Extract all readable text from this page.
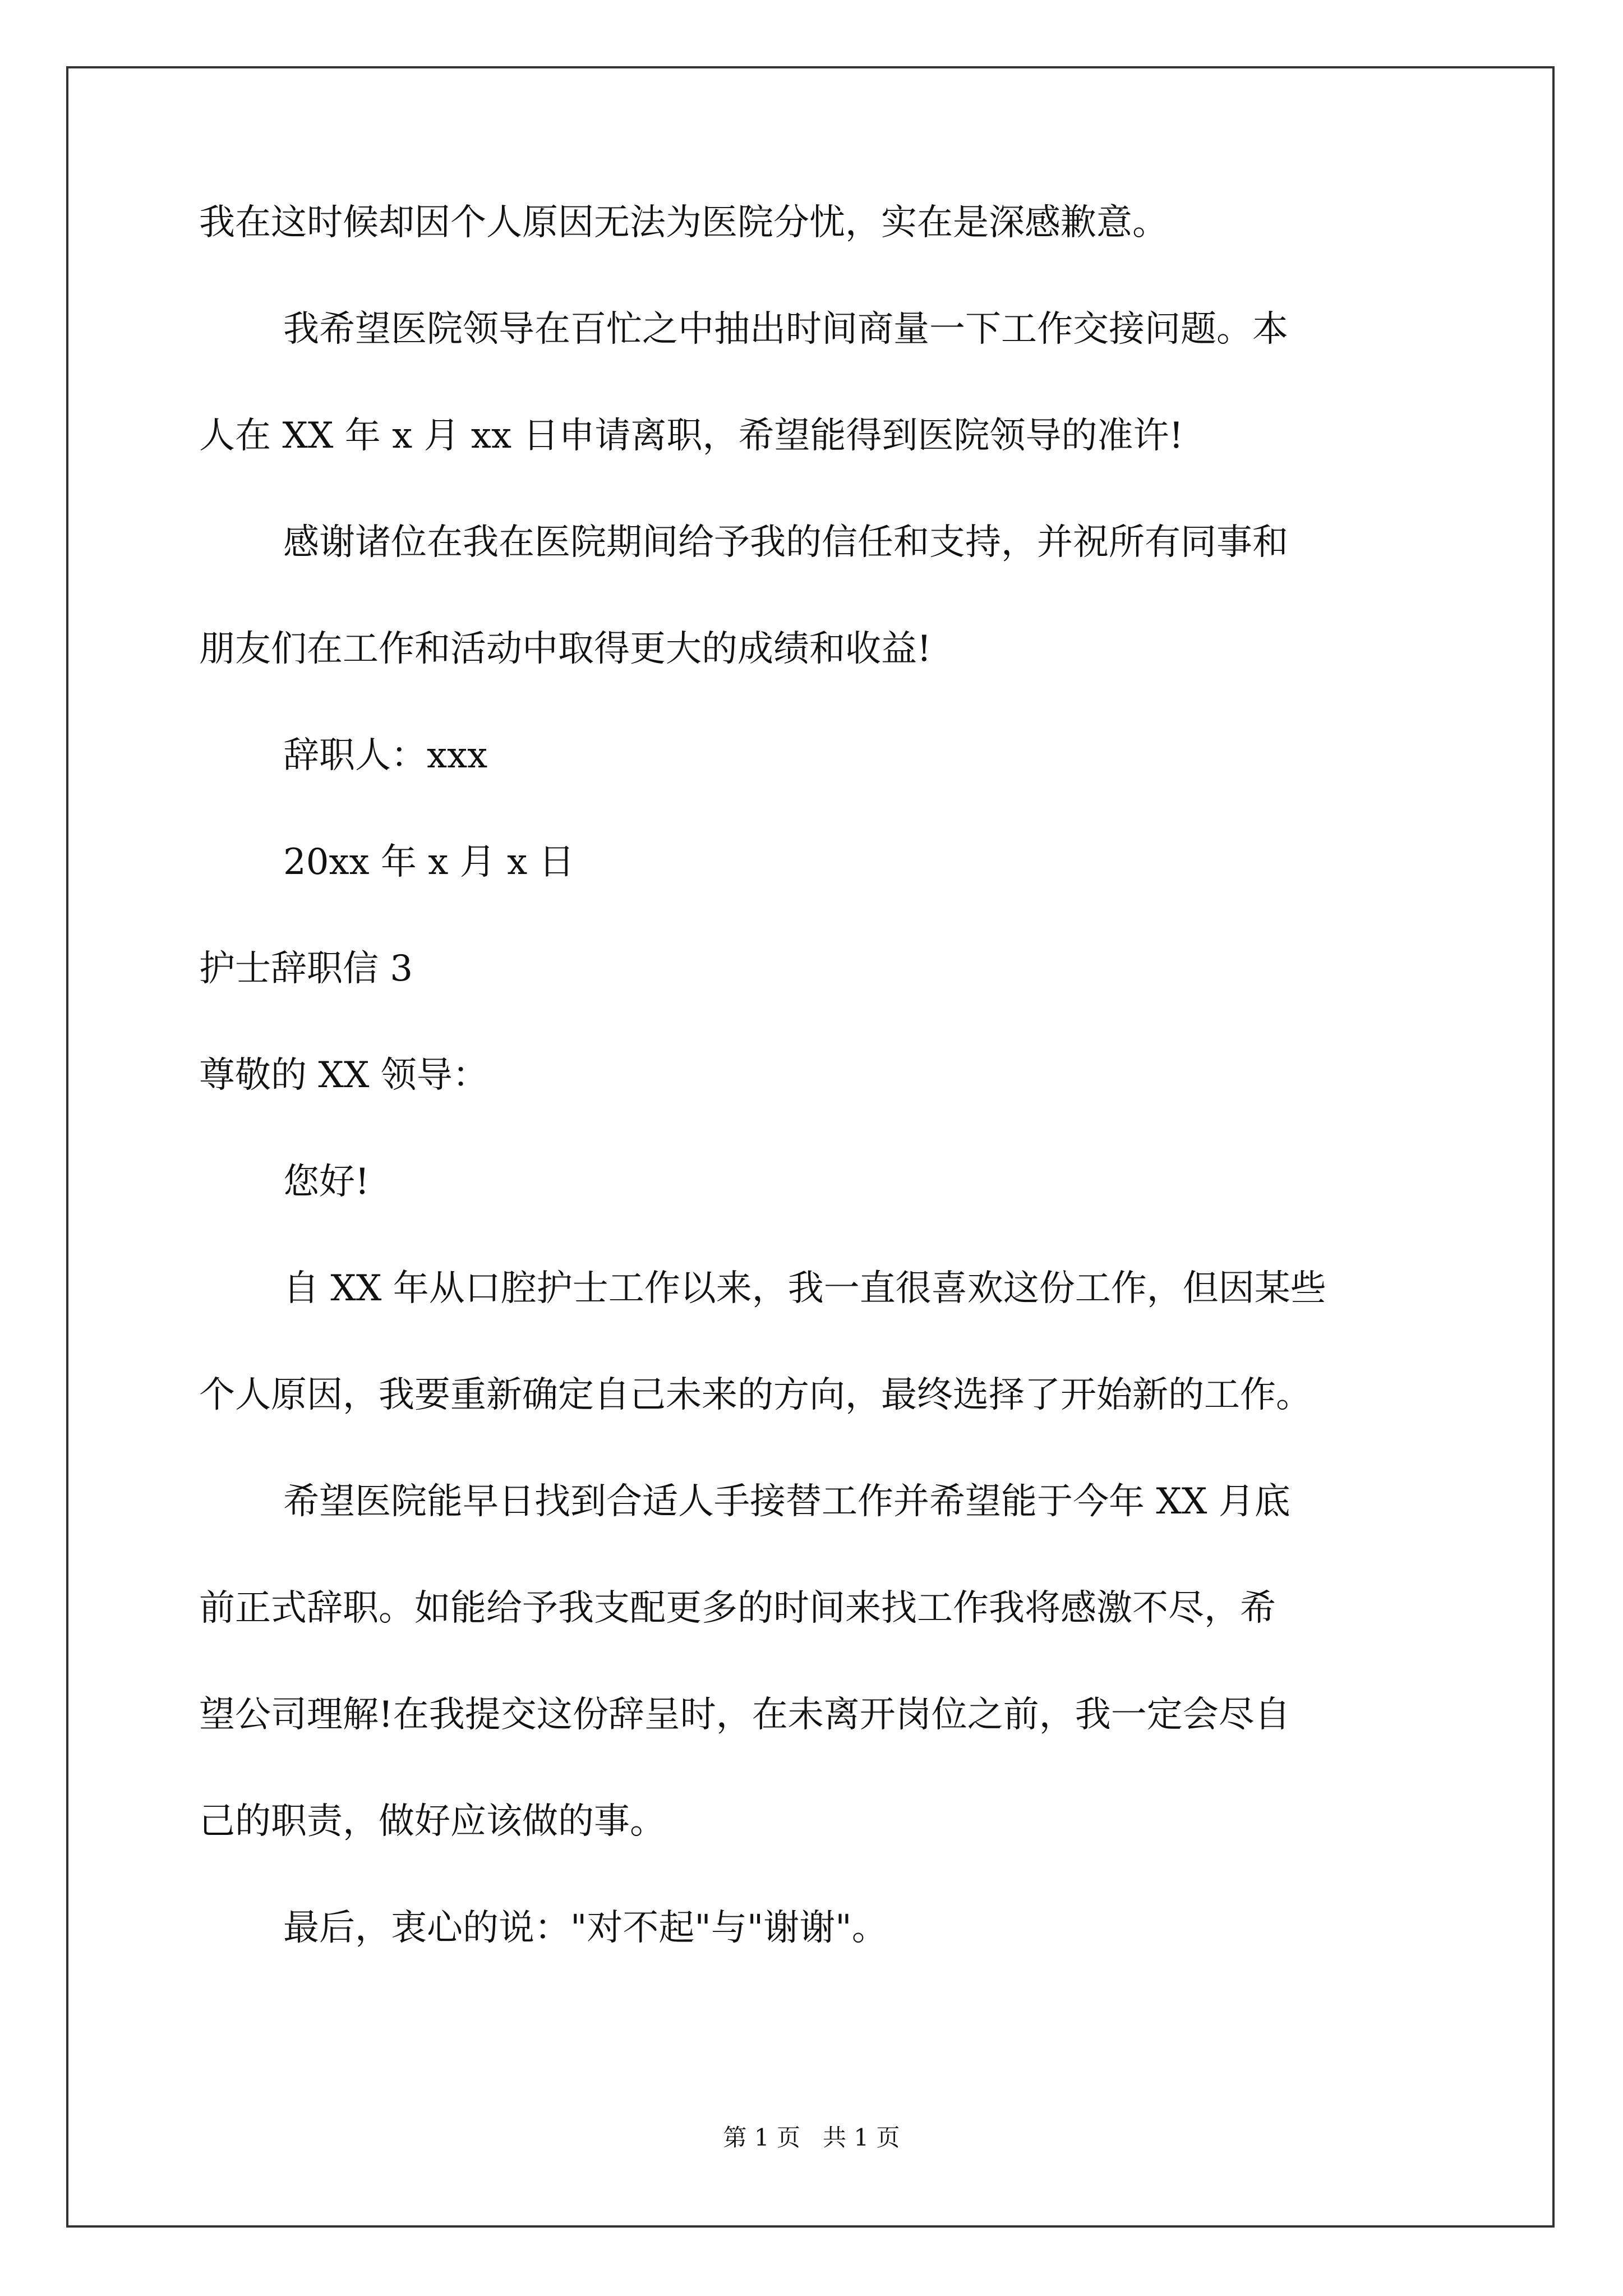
我在这时候却因个人原因无法为医院分忧，实在是深感歉意。
我希望医院领导在百忙之中抽出时间商量一下工作交接问题。本
人在 XX 年 x 月 xx 日申请离职，希望能得到医院领导的准许!
感谢诸位在我在医院期间给予我的信任和支持，并祝所有同事和
朋友们在工作和活动中取得更大的成绩和收益!
辞职人：xxx
20xx 年 x 月 x 日
护士辞职信 3
尊敬的 XX 领导：
您好!
自 XX 年从口腔护士工作以来，我一直很喜欢这份工作，但因某些
个人原因，我要重新确定自己未来的方向，最终选择了开始新的工作。
希望医院能早日找到合适人手接替工作并希望能于今年 XX 月底
前正式辞职。如能给予我支配更多的时间来找工作我将感激不尽，希
望公司理解!在我提交这份辞呈时，在未离开岗位之前，我一定会尽自
己的职责，做好应该做的事。
最后，衷心的说："对不起"与"谢谢"。
第 1 页   共 1 页
